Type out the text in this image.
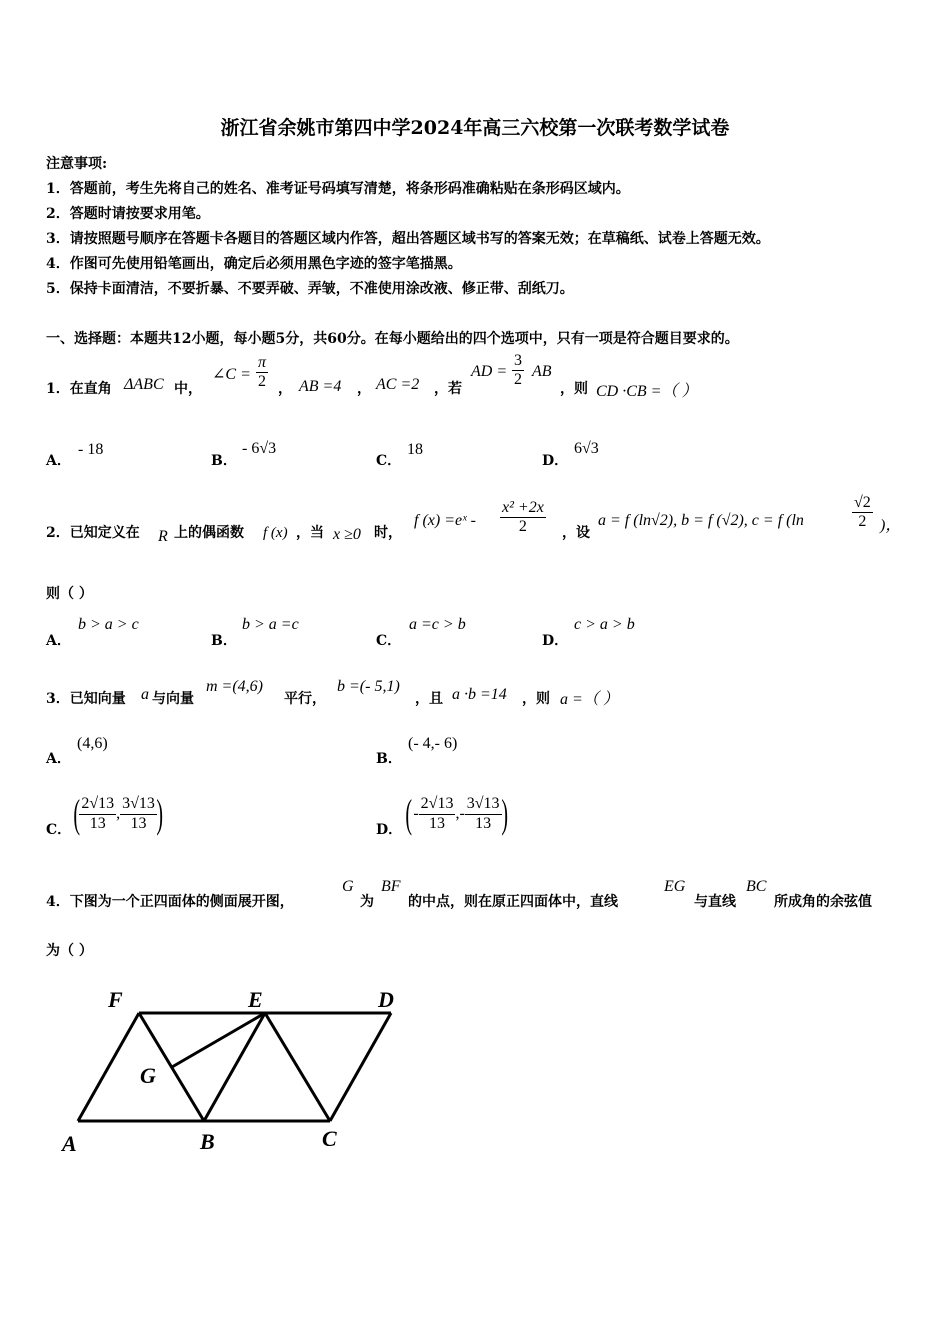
浙江省余姚市第四中学2024年高三六校第一次联考数学试卷
注意事项:
1．答题前，考生先将自己的姓名、准考证号码填写清楚，将条形码准确粘贴在条形码区域内。
2．答题时请按要求用笔。
3．请按照题号顺序在答题卡各题目的答题区域内作答，超出答题区域书写的答案无效；在草稿纸、试卷上答题无效。
4．作图可先使用铅笔画出，确定后必须用黑色字迹的签字笔描黑。
5．保持卡面清洁，不要折暴、不要弄破、弄皱，不准使用涂改液、修正带、刮纸刀。
一、选择题：本题共12小题，每小题5分，共60分。在每小题给出的四个选项中，只有一项是符合题目要求的。
1．在直角 ΔABC 中，
∠C = $\frac{\pi}{2}$ ， AB =4 ， AC =2 ，若
AD = $\frac{3}{2}$ AB
，则 CD ·CB =（ ）
A．
- 18
B．
- 6√3
C．
18
D．
6√3
2．已知定义在 R 上的偶函数 f (x) ，当 x ≥0 时，
f (x) =eˣ - $\frac{\text{x² +2x}}{2}$ ，设
a = f (ln√2), b = f (√2), c = f (ln	$\frac{√2}{2}$ )，
则（ ）
A．
b > a > c
B．
b > a =c
C．
a =c > b
D．
c > a > b
3．已知向量 a 与向量
m =(4,6)
平行，
b =(- 5,1)
，且 a ·b =14 ，则 a =（ ）
A．
(4,6)
B．
(- 4,- 6)
C． ( $\frac{2√13}{13}$ , $\frac{3√13}{13}$ )	D． ( - $\frac{2√13}{13}$ ,- $\frac{3√13}{13}$ )
4．下图为一个正四面体的侧面展开图，
G
为
BF
的中点，则在原正四面体中，直线
EG
与直线
BC
所成角的余弦值
为（ ）
F	E	D
G
A	B	C
